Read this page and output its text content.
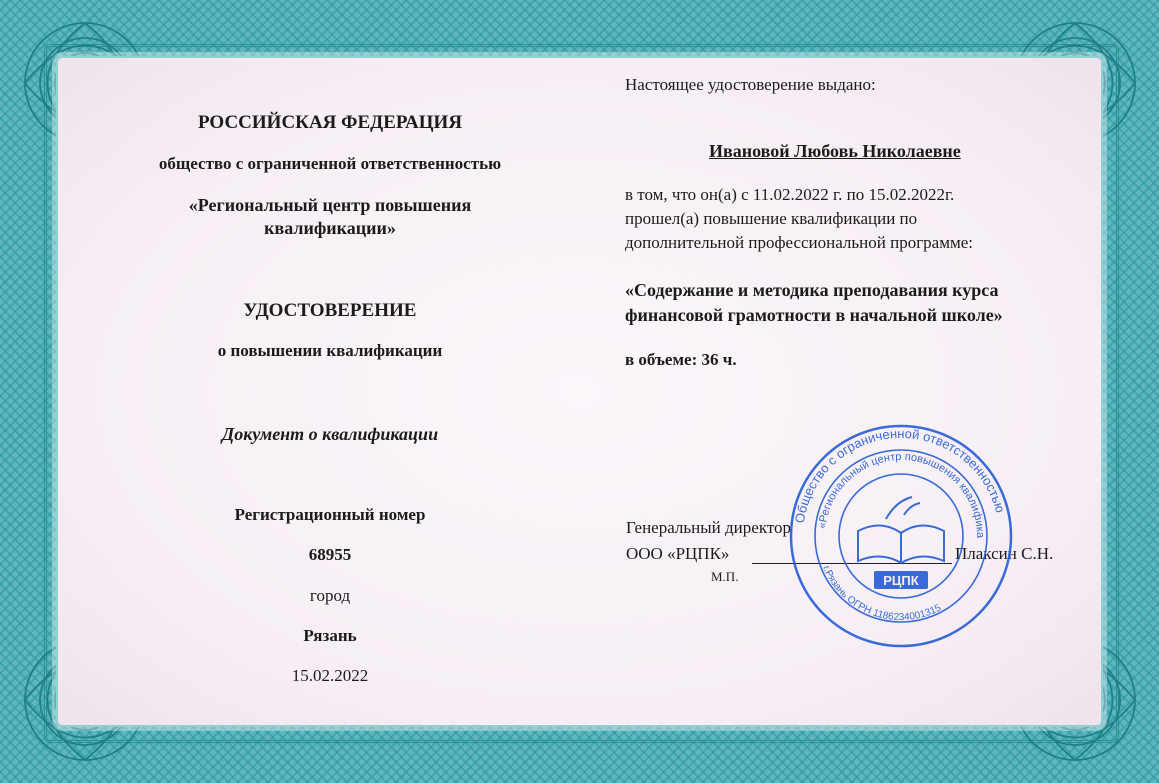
РОССИЙСКАЯ ФЕДЕРАЦИЯ
общество с ограниченной ответственностью
«Региональный центр повышения
квалификации»
УДОСТОВЕРЕНИЕ
о повышении квалификации
Документ о квалификации
Регистрационный номер
68955
город
Рязань
15.02.2022
Настоящее удостоверение выдано:
Ивановой Любовь Николаевне
в том, что он(а) с 11.02.2022 г. по 15.02.2022г.
прошел(а) повышение квалификации по
дополнительной профессиональной программе:
«Содержание и методика преподавания курса
финансовой грамотности в начальной школе»
в объеме: 36 ч.
Генеральный директор
ООО «РЦПК»	Плаксин С.Н.
М.П.
Общество с ограниченной ответственностью
«Региональный центр повышения квалифика
г.Рязань ОГРН 1186234001315
РЦПК
